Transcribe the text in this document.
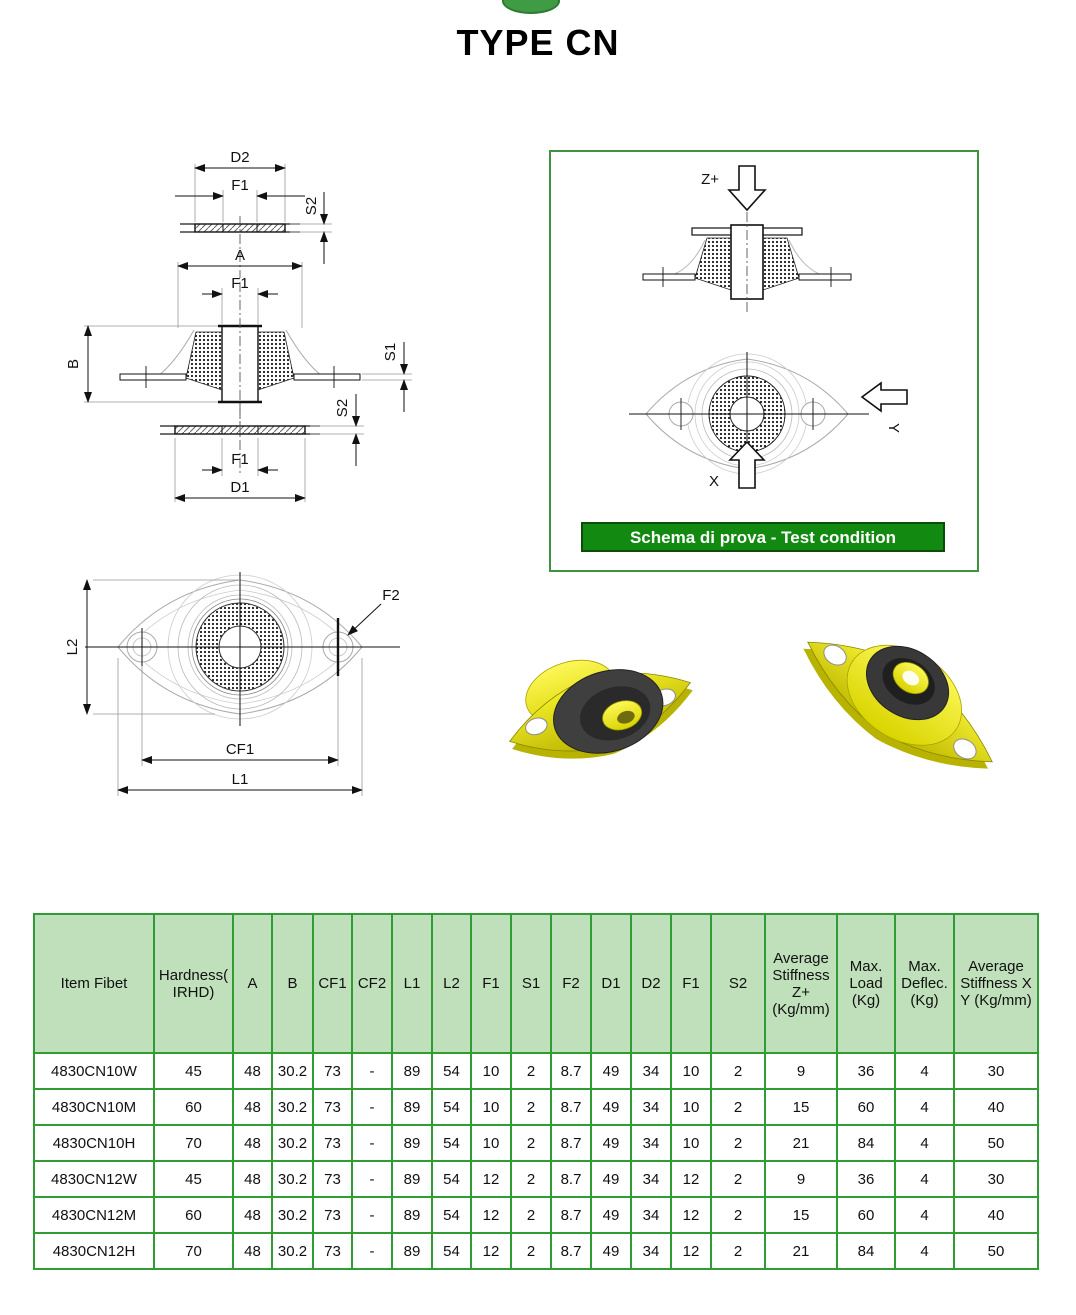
TYPE CN
D2
F1
S2
A
F1
B
S1
F1
D1
S2
L2
F2
CF1
L1
Z+
Y
X
Schema di prova - Test condition
Item Fibet	Hardness( IRHD)	A	B	CF1	CF2	L1	L2	F1	S1	F2	D1	D2	F1	S2	Average Stiffness Z+ (Kg/mm)	Max. Load (Kg)	Max. Deflec. (Kg)	Average Stiffness X Y (Kg/mm)
4830CN10W	45	48	30.2	73	-	89	54	10	2	8.7	49	34	10	2	9	36	4	30
4830CN10M	60	48	30.2	73	-	89	54	10	2	8.7	49	34	10	2	15	60	4	40
4830CN10H	70	48	30.2	73	-	89	54	10	2	8.7	49	34	10	2	21	84	4	50
4830CN12W	45	48	30.2	73	-	89	54	12	2	8.7	49	34	12	2	9	36	4	30
4830CN12M	60	48	30.2	73	-	89	54	12	2	8.7	49	34	12	2	15	60	4	40
4830CN12H	70	48	30.2	73	-	89	54	12	2	8.7	49	34	12	2	21	84	4	50
